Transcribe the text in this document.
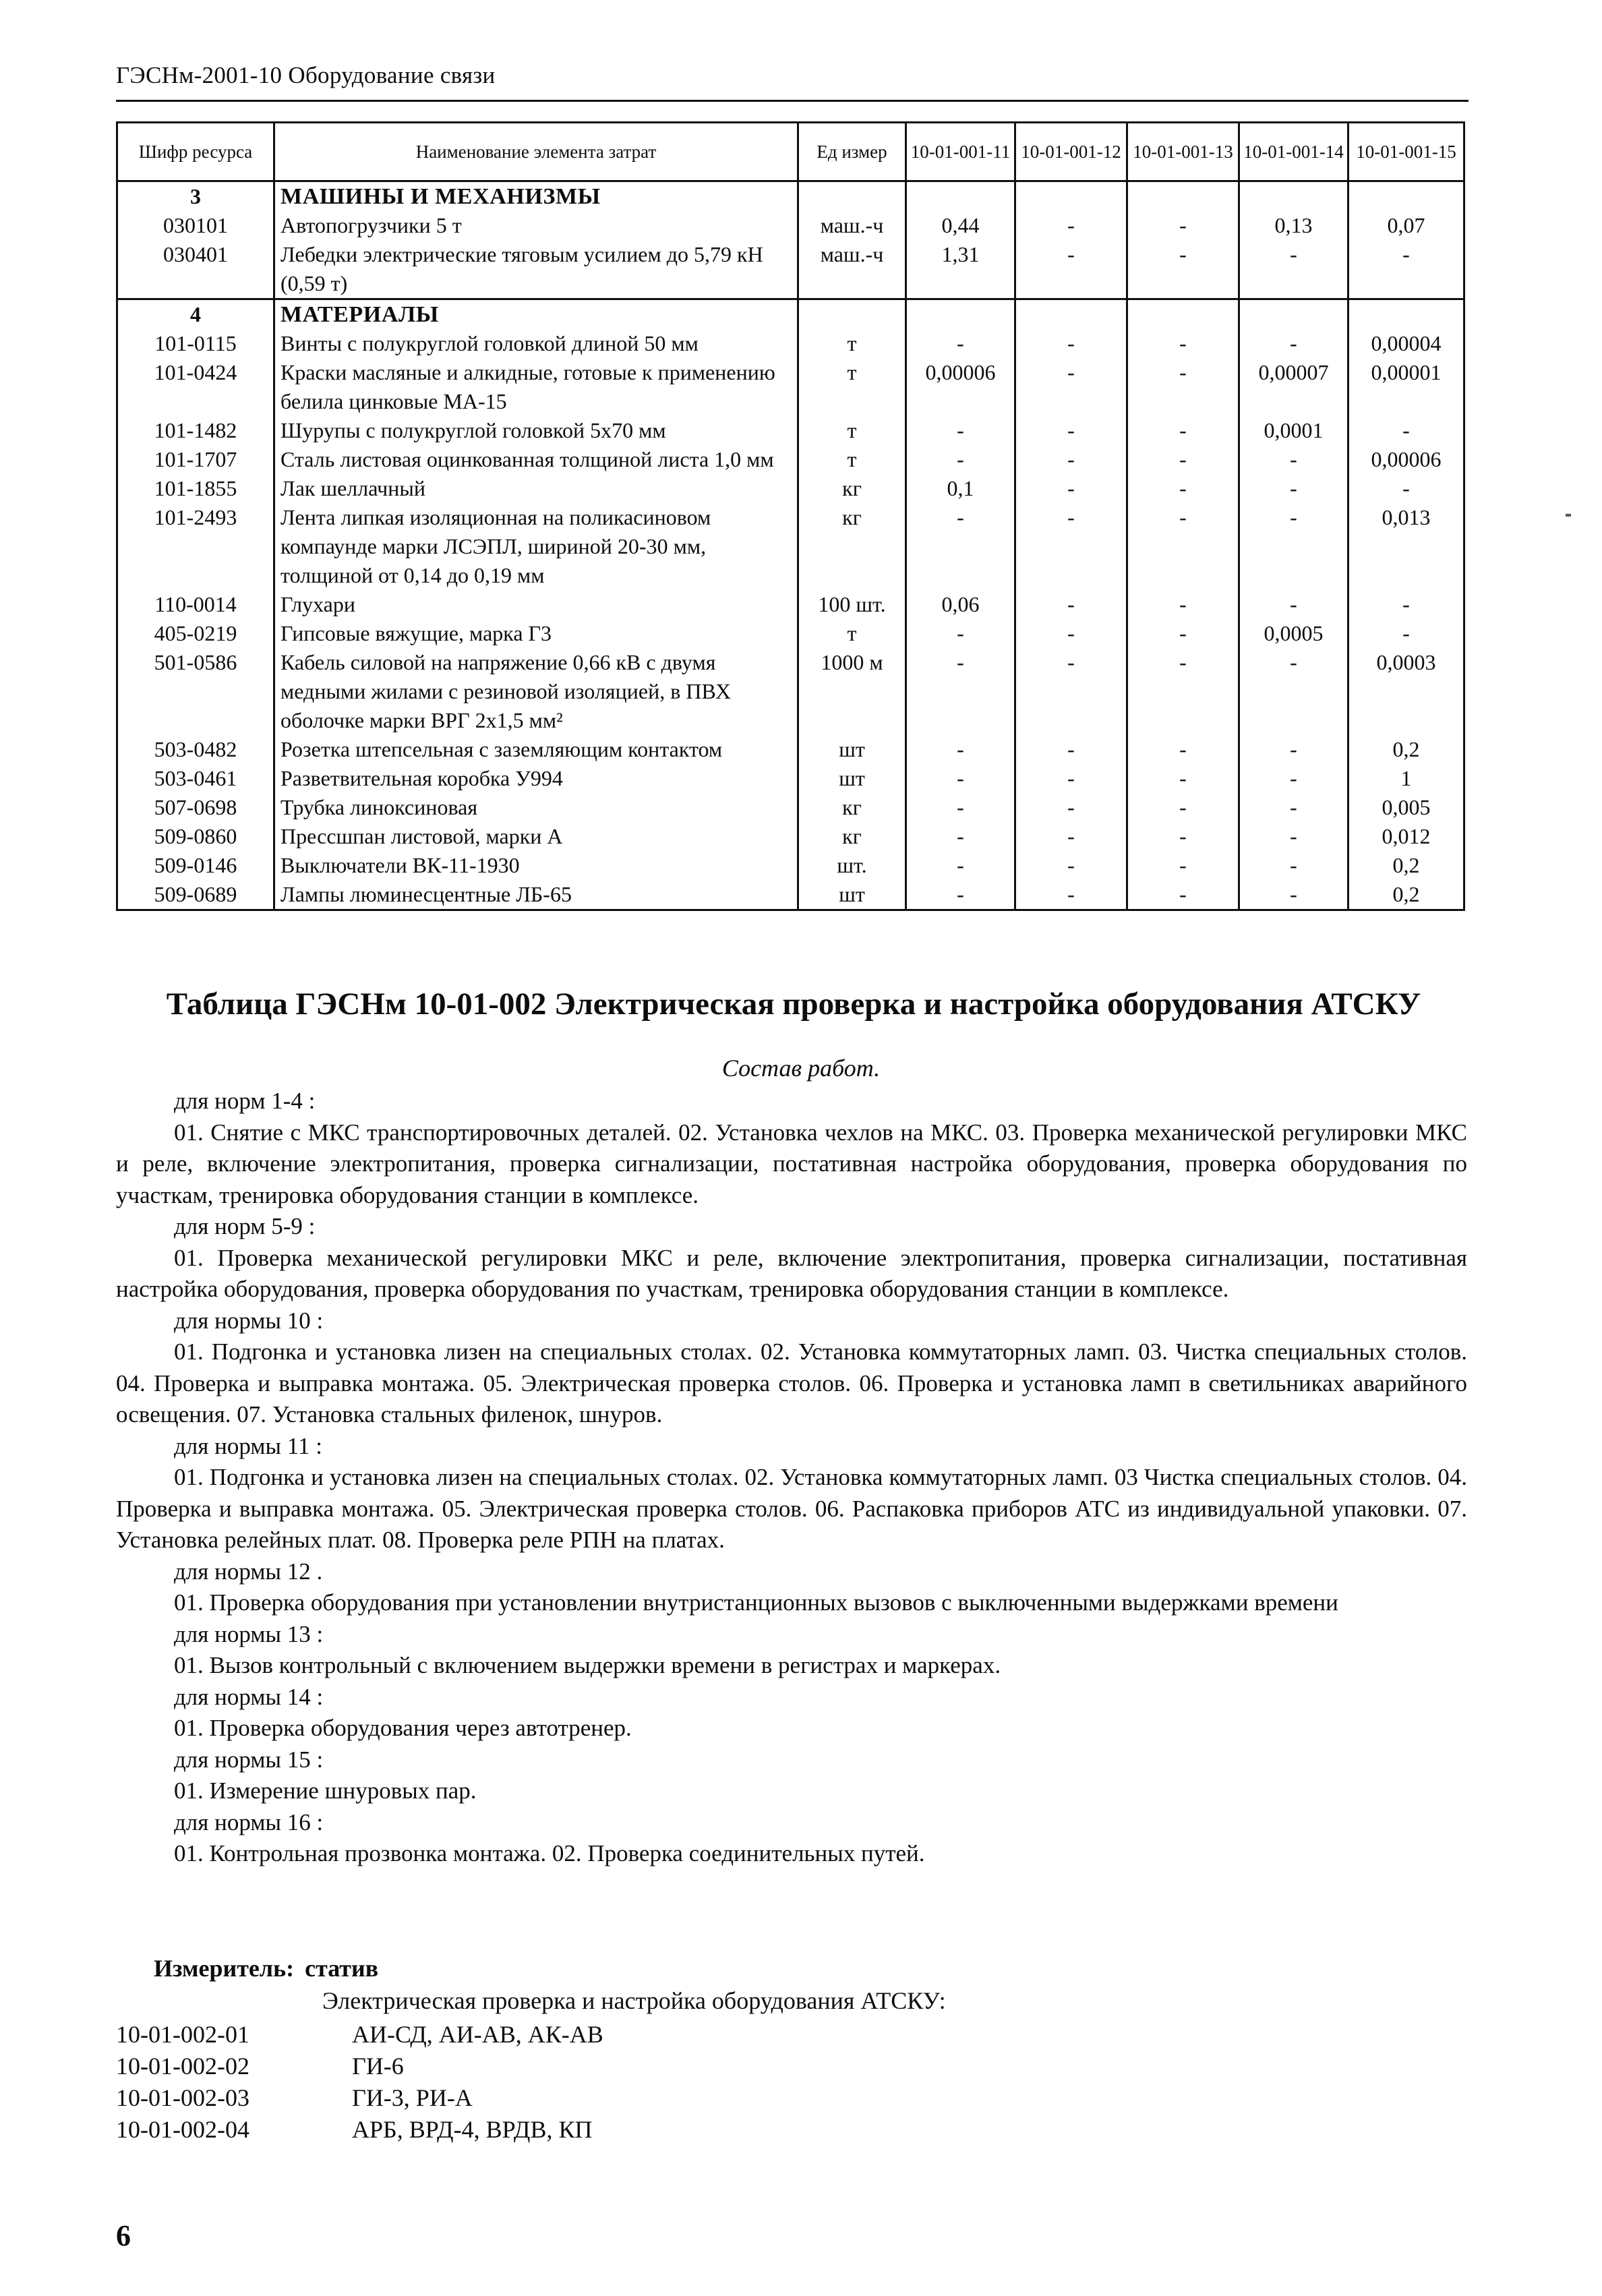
ГЭСНм-2001-10 Оборудование связи
Шифр ресурса	Наименование элемента затрат	Ед измер	10-01-001-11	10-01-001-12	10-01-001-13	10-01-001-14	10-01-001-15
3	МАШИНЫ И МЕХАНИЗМЫ						
030101	Автопогрузчики 5 т	маш.-ч	0,44	-	-	0,13	0,07
030401	Лебедки электрические тяговым усилием до 5,79 кН (0,59 т)	маш.-ч	1,31	-	-	-	-
4	МАТЕРИАЛЫ						
101-0115	Винты с полукруглой головкой длиной 50 мм	т	-	-	-	-	0,00004
101-0424	Краски масляные и алкидные, готовые к применению белила цинковые МА-15	т	0,00006	-	-	0,00007	0,00001
101-1482	Шурупы с полукруглой головкой 5х70 мм	т	-	-	-	0,0001	-
101-1707	Сталь листовая оцинкованная толщиной листа 1,0 мм	т	-	-	-	-	0,00006
101-1855	Лак шеллачный	кг	0,1	-	-	-	-
101-2493	Лента липкая изоляционная на поликасиновом компаунде марки ЛСЭПЛ, шириной 20-30 мм, толщиной от 0,14 до 0,19 мм	кг	-	-	-	-	0,013
110-0014	Глухари	100 шт.	0,06	-	-	-	-
405-0219	Гипсовые вяжущие, марка Г3	т	-	-	-	0,0005	-
501-0586	Кабель силовой на напряжение 0,66 кВ с двумя медными жилами с резиновой изоляцией, в ПВХ оболочке марки ВРГ 2х1,5 мм²	1000 м	-	-	-	-	0,0003
503-0482	Розетка штепсельная с заземляющим контактом	шт	-	-	-	-	0,2
503-0461	Разветвительная коробка У994	шт	-	-	-	-	1
507-0698	Трубка линоксиновая	кг	-	-	-	-	0,005
509-0860	Прессшпан листовой, марки А	кг	-	-	-	-	0,012
509-0146	Выключатели ВК-11-1930	шт.	-	-	-	-	0,2
509-0689	Лампы люминесцентные ЛБ-65	шт	-	-	-	-	0,2
Таблица ГЭСНм 10-01-002 Электрическая проверка и настройка оборудования АТСКУ
Состав работ.
для норм 1-4 :
01. Снятие с МКС транспортировочных деталей. 02. Установка чехлов на МКС. 03. Проверка механической регулировки МКС и реле, включение электропитания, проверка сигнализации, постативная настройка оборудования, проверка оборудования по участкам, тренировка оборудования станции в комплексе.
для норм 5-9 :
01. Проверка механической регулировки МКС и реле, включение электропитания, проверка сигнализации, постативная настройка оборудования, проверка оборудования по участкам, тренировка оборудования станции в комплексе.
для нормы 10 :
01. Подгонка и установка лизен на специальных столах. 02. Установка коммутаторных ламп. 03. Чистка специальных столов. 04. Проверка и выправка монтажа. 05. Электрическая проверка столов. 06. Проверка и установка ламп в светильниках аварийного освещения. 07. Установка стальных филенок, шнуров.
для нормы 11 :
01. Подгонка и установка лизен на специальных столах. 02. Установка коммутаторных ламп. 03 Чистка специальных столов. 04. Проверка и выправка монтажа. 05. Электрическая проверка столов. 06. Распаковка приборов АТС из индивидуальной упаковки. 07. Установка релейных плат. 08. Проверка реле РПН на платах.
для нормы 12 .
01. Проверка оборудования при установлении внутристанционных вызовов с выключенными выдержками времени
для нормы 13 :
01. Вызов контрольный с включением выдержки времени в регистрах и маркерах.
для нормы 14 :
01. Проверка оборудования через автотренер.
для нормы 15 :
01. Измерение шнуровых пар.
для нормы 16 :
01. Контрольная прозвонка монтажа. 02. Проверка соединительных путей.
Измеритель: статив
Электрическая проверка и настройка оборудования АТСКУ:
10-01-002-01	АИ-СД, АИ-АВ, АК-АВ
10-01-002-02	ГИ-6
10-01-002-03	ГИ-3, РИ-А
10-01-002-04	АРБ, ВРД-4, ВРДВ, КП
6
